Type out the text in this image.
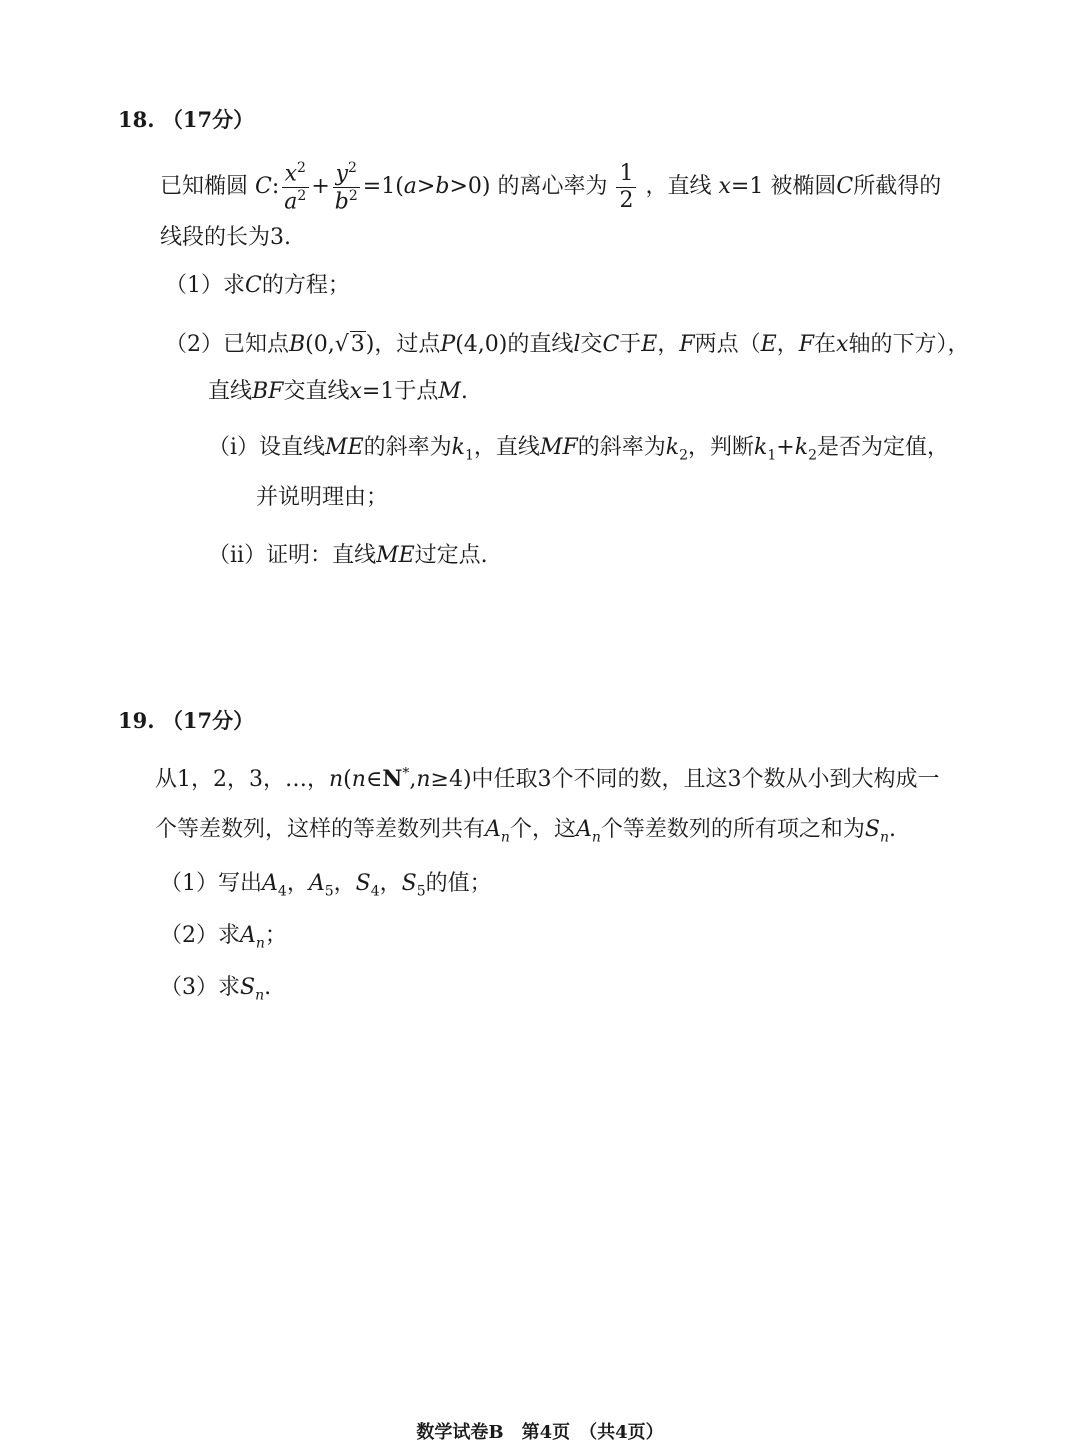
18. （17分）
已知椭圆 C: $\frac{x^2}{a^2} + \frac{y^2}{b^2} =1(a>b>0)$ 的离心率为 $\frac{1}{2}$ ，直线 x=1 被椭圆C所截得的
线段的长为3.
（1）求C的方程；
（2）已知点B(0,√3)，过点P(4,0)的直线l交C于E，F两点（E，F在x轴的下方），
直线BF交直线x=1于点M.
（ⅰ）设直线ME的斜率为$k_1$，直线MF的斜率为$k_2$，判断$k_1+k_2$是否为定值，
并说明理由；
（ⅱ）证明：直线ME过定点.
19. （17分）
从1，2，3，…，n(n∈N*,n≥4)中任取3个不同的数，且这3个数从小到大构成一
个等差数列，这样的等差数列共有$A_n$个，这$A_n$个等差数列的所有项之和为$S_n$.
（1）写出$A_4$，$A_5$，$S_4$，$S_5$的值；
（2）求$A_n$；
（3）求$S_n$.
数学试卷B　第4页　（共4页）
